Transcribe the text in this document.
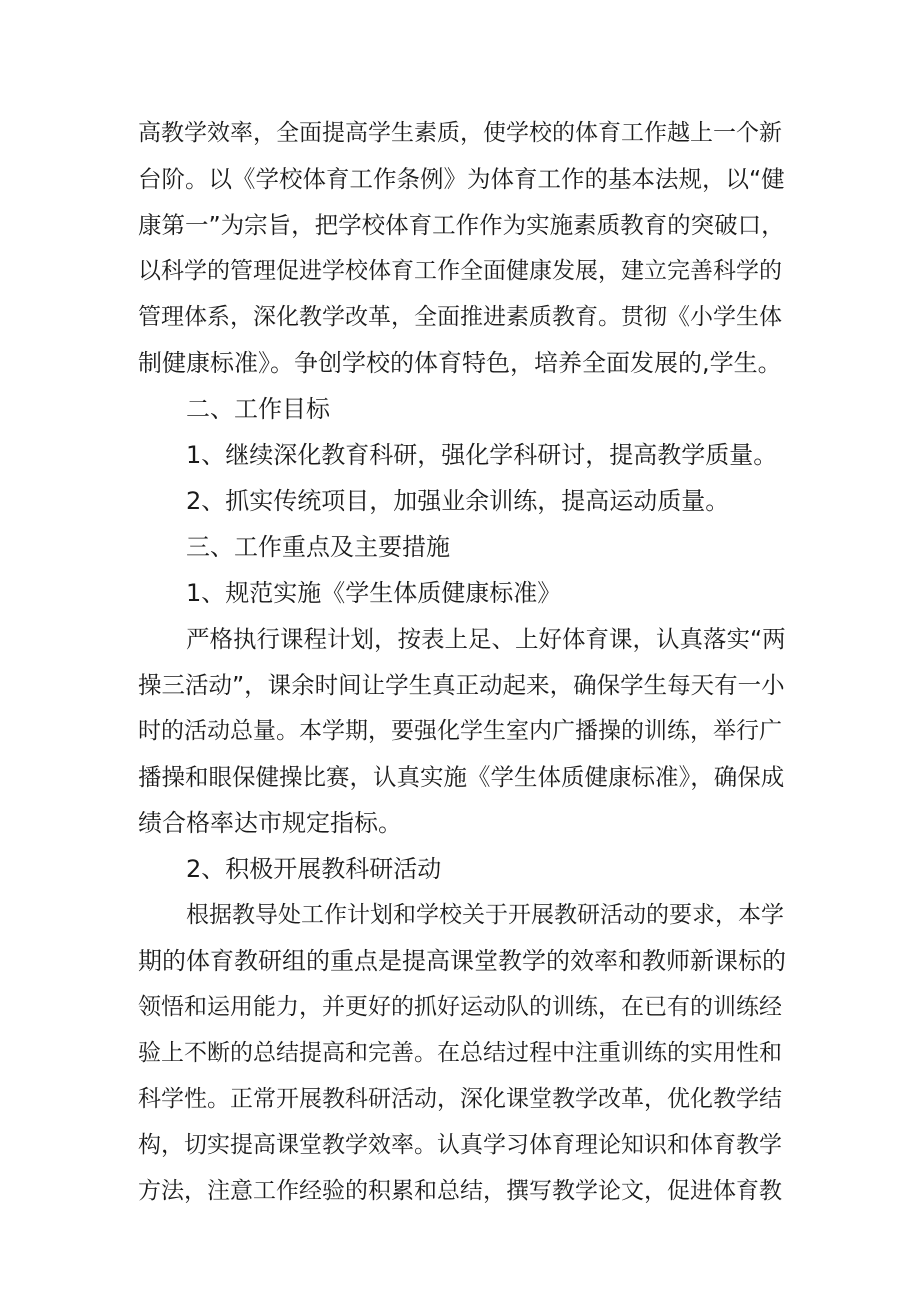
高教学效率，全面提高学生素质，使学校的体育工作越上一个新
台阶。以《学校体育工作条例》为体育工作的基本法规，以“健
康第一”为宗旨，把学校体育工作作为实施素质教育的突破口，
以科学的管理促进学校体育工作全面健康发展，建立完善科学的
管理体系，深化教学改革，全面推进素质教育。贯彻《小学生体
制健康标准》。争创学校的体育特色，培养全面发展的,学生。
二、工作目标
1、继续深化教育科研，强化学科研讨，提高教学质量。
2、抓实传统项目，加强业余训练，提高运动质量。
三、工作重点及主要措施
1、规范实施《学生体质健康标准》
严格执行课程计划，按表上足、上好体育课，认真落实“两
操三活动”，课余时间让学生真正动起来，确保学生每天有一小
时的活动总量。本学期，要强化学生室内广播操的训练，举行广
播操和眼保健操比赛，认真实施《学生体质健康标准》，确保成
绩合格率达市规定指标。
2、积极开展教科研活动
根据教导处工作计划和学校关于开展教研活动的要求，本学
期的体育教研组的重点是提高课堂教学的效率和教师新课标的
领悟和运用能力，并更好的抓好运动队的训练，在已有的训练经
验上不断的总结提高和完善。在总结过程中注重训练的实用性和
科学性。正常开展教科研活动，深化课堂教学改革，优化教学结
构，切实提高课堂教学效率。认真学习体育理论知识和体育教学
方法，注意工作经验的积累和总结，撰写教学论文，促进体育教
